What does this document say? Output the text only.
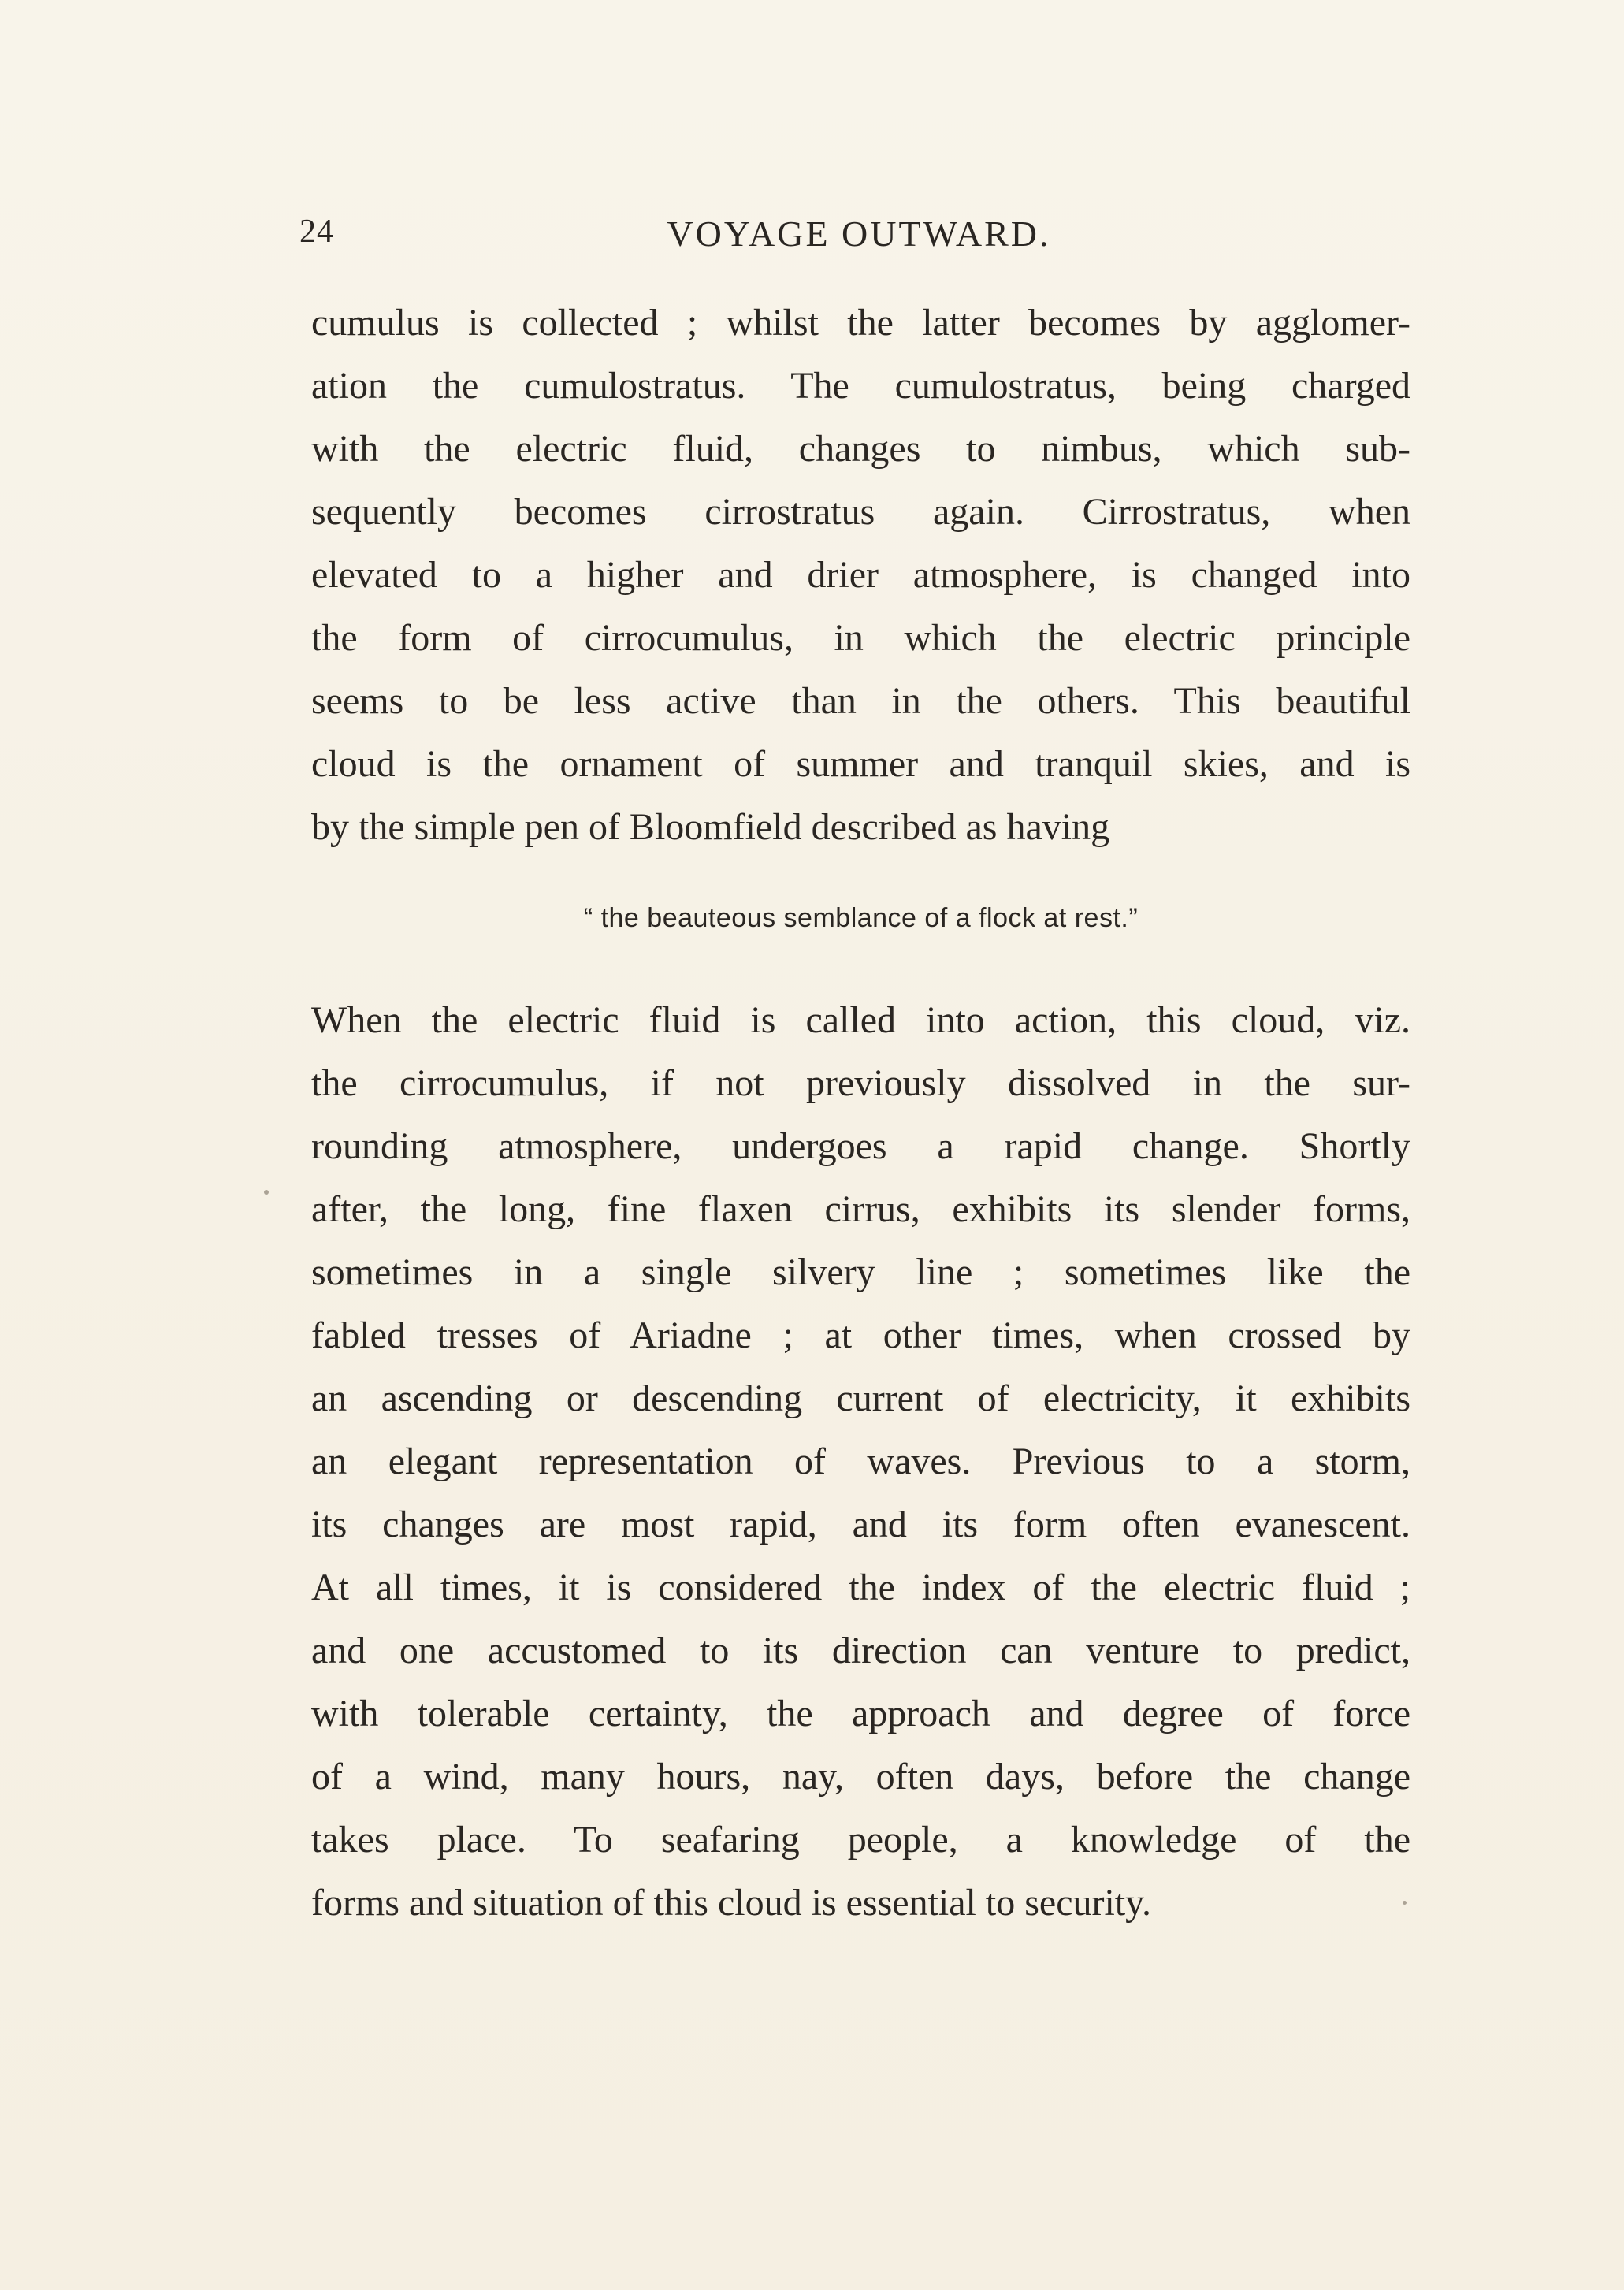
24	VOYAGE OUTWARD.
cumulus is collected ; whilst the latter becomes by agglomer-
ation the cumulostratus. The cumulostratus, being charged
with the electric fluid, changes to nimbus, which sub-
sequently becomes cirrostratus again. Cirrostratus, when
elevated to a higher and drier atmosphere, is changed into
the form of cirrocumulus, in which the electric principle
seems to be less active than in the others. This beautiful
cloud is the ornament of summer and tranquil skies, and is
by the simple pen of Bloomfield described as having
“ the beauteous semblance of a flock at rest.”
When the electric fluid is called into action, this cloud, viz.
the cirrocumulus, if not previously dissolved in the sur-
rounding atmosphere, undergoes a rapid change. Shortly
after, the long, fine flaxen cirrus, exhibits its slender forms,
sometimes in a single silvery line ; sometimes like the
fabled tresses of Ariadne ; at other times, when crossed by
an ascending or descending current of electricity, it exhibits
an elegant representation of waves. Previous to a storm,
its changes are most rapid, and its form often evanescent.
At all times, it is considered the index of the electric fluid ;
and one accustomed to its direction can venture to predict,
with tolerable certainty, the approach and degree of force
of a wind, many hours, nay, often days, before the change
takes place. To seafaring people, a knowledge of the
forms and situation of this cloud is essential to security.
